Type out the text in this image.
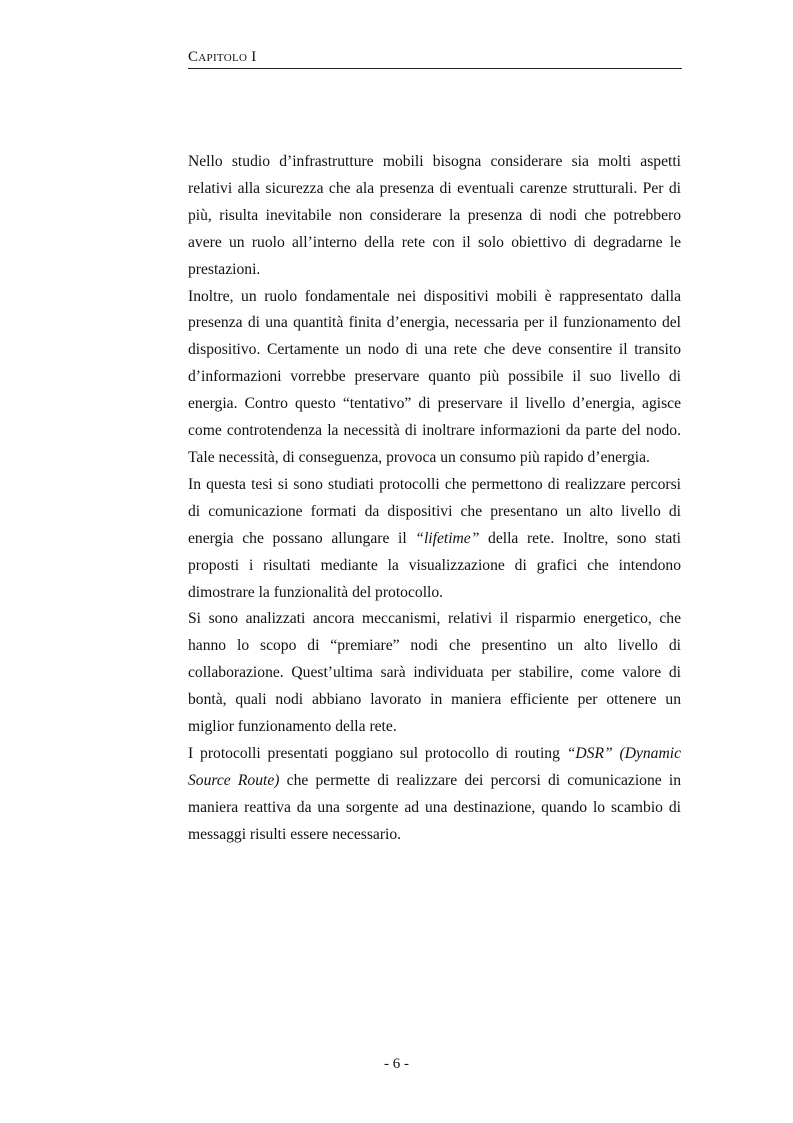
Capitolo I

Nello studio d’infrastrutture mobili bisogna considerare sia molti aspetti relativi alla sicurezza che ala presenza di eventuali carenze strutturali. Per di più, risulta inevitabile non considerare la presenza di nodi che potrebbero avere un ruolo all’interno della rete con il solo obiettivo di degradarne le prestazioni.

Inoltre, un ruolo fondamentale nei dispositivi mobili è rappresentato dalla presenza di una quantità finita d’energia, necessaria per il funzionamento del dispositivo. Certamente un nodo di una rete che deve consentire il transito d’informazioni vorrebbe preservare quanto più possibile il suo livello di energia. Contro questo “tentativo” di preservare il livello d’energia, agisce come controtendenza la necessità di inoltrare informazioni da parte del nodo. Tale necessità, di conseguenza, provoca un consumo più rapido d’energia.

In questa tesi si sono studiati protocolli che permettono di realizzare percorsi di comunicazione formati da dispositivi che presentano un alto livello di energia che possano allungare il “lifetime” della rete. Inoltre, sono stati proposti i risultati mediante la visualizzazione di grafici che intendono dimostrare la funzionalità del protocollo.

Si sono analizzati ancora meccanismi, relativi il risparmio energetico, che hanno lo scopo di “premiare” nodi che presentino un alto livello di collaborazione. Quest’ultima sarà individuata per stabilire, come valore di bontà, quali nodi abbiano lavorato in maniera efficiente per ottenere un miglior funzionamento della rete.

I protocolli presentati poggiano sul protocollo di routing “DSR” (Dynamic Source Route) che permette di realizzare dei percorsi di comunicazione in maniera reattiva da una sorgente ad una destinazione, quando lo scambio di messaggi risulti essere necessario.

- 6 -
